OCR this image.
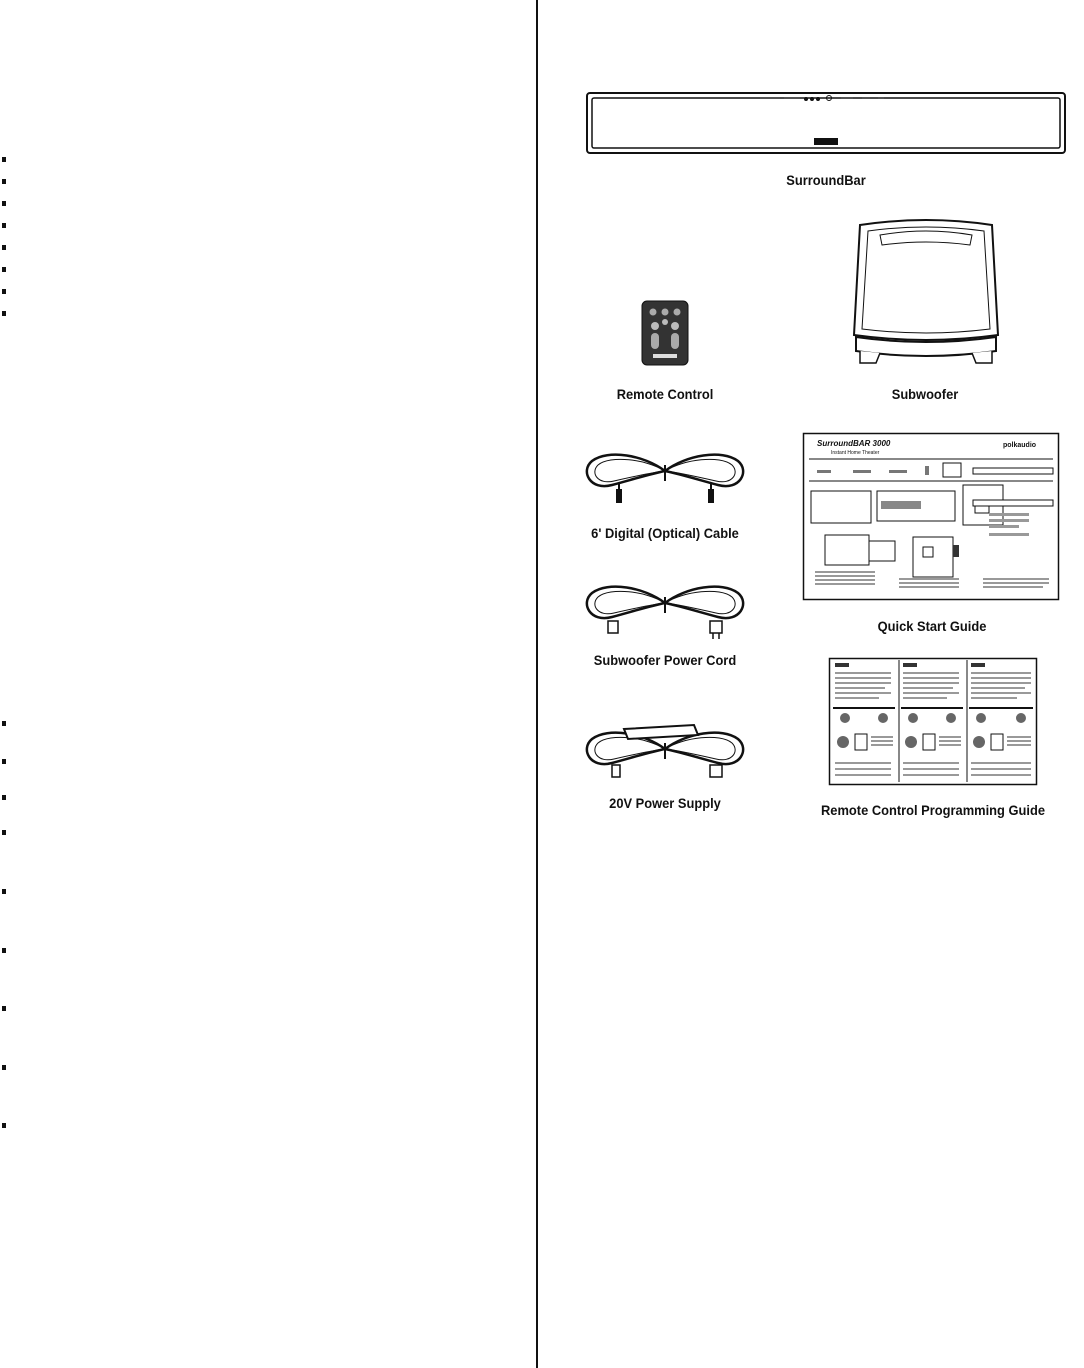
SurroundBar
Remote Control	Subwoofer
6' Digital (Optical) Cable
Subwoofer Power Cord
20V Power Supply
SurroundBAR 3000
Instant Home Theater
polkaudio
Quick Start Guide
Remote Control Programming Guide
